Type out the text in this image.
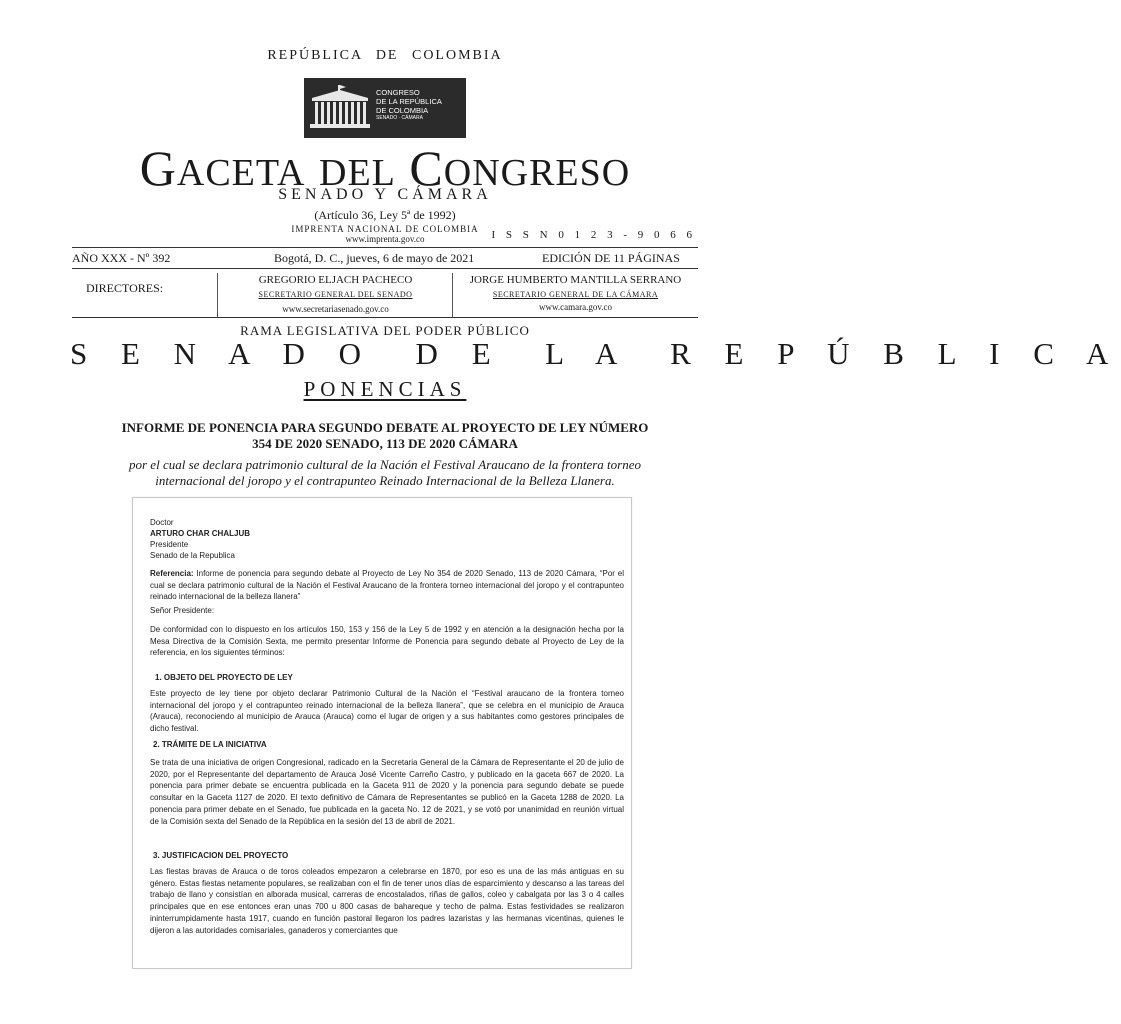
REPÚBLICA DE COLOMBIA
CONGRESO
DE LA REPÚBLICA
DE COLOMBIA
SENADO · CÁMARA
GACETA DEL CONGRESO
SENADO Y CÁMARA
(Artículo 36, Ley 5ª de 1992)
IMPRENTA NACIONAL DE COLOMBIA
www.imprenta.gov.co	I S S N 0 1 2 3 - 9 0 6 6
AÑO XXX - Nº 392	Bogotá, D. C., jueves, 6 de mayo de 2021	EDICIÓN DE 11 PÁGINAS
DIRECTORES:
GREGORIO ELJACH PACHECO
SECRETARIO GENERAL DEL SENADO
www.secretariasenado.gov.co
JORGE HUMBERTO MANTILLA SERRANO
SECRETARIO GENERAL DE LA CÁMARA
www.camara.gov.co
RAMA LEGISLATIVA DEL PODER PÚBLICO
S E N A D O  D E  L A  R E P Ú B L I C A
PONENCIAS
INFORME DE PONENCIA PARA SEGUNDO DEBATE AL PROYECTO DE LEY NÚMERO
354 DE 2020 SENADO, 113 DE 2020 CÁMARA
por el cual se declara patrimonio cultural de la Nación el Festival Araucano de la frontera torneo
internacional del joropo y el contrapunteo Reinado Internacional de la Belleza Llanera.
Doctor
ARTURO CHAR CHALJUB
Presidente
Senado de la Republica
Referencia: Informe de ponencia para segundo debate al Proyecto de Ley No 354 de 2020 Senado, 113 de 2020 Cámara, “Por el cual se declara patrimonio cultural de la Nación el Festival Araucano de la frontera torneo internacional del joropo y el contrapunteo reinado internacional de la belleza llanera”
Señor Presidente:
De conformidad con lo dispuesto en los artículos 150, 153 y 156 de la Ley 5 de 1992 y en atención a la designación hecha por la Mesa Directiva de la Comisión Sexta, me permito presentar Informe de Ponencia para segundo debate al Proyecto de Ley de la referencia, en los siguientes términos:
1. OBJETO DEL PROYECTO DE LEY
Este proyecto de ley tiene por objeto declarar Patrimonio Cultural de la Nación el “Festival araucano de la frontera torneo internacional del joropo y el contrapunteo reinado internacional de la belleza llanera”, que se celebra en el municipio de Arauca (Arauca), reconociendo al municipio de Arauca (Arauca) como el lugar de origen y a sus habitantes como gestores principales de dicho festival.
2. TRÁMITE DE LA INICIATIVA
Se trata de una iniciativa de origen Congresional, radicado en la Secretaria General de la Cámara de Representante el 20 de julio de 2020, por el Representante del departamento de Arauca José Vicente Carreño Castro, y publicado en la gaceta 667 de 2020. La ponencia para primer debate se encuentra publicada en la Gaceta 911 de 2020 y la ponencia para segundo debate se puede consultar en la Gaceta 1127 de 2020. El texto definitivo de Cámara de Representantes se publicó en la Gaceta 1288 de 2020. La ponencia para primer debate en el Senado, fue publicada en la gaceta No. 12 de 2021, y se votó por unanimidad en reunión virtual de la Comisión sexta del Senado de la República en la sesión del 13 de abril de 2021.
3. JUSTIFICACION DEL PROYECTO
Las fiestas bravas de Arauca o de toros coleados empezaron a celebrarse en 1870, por eso es una de las más antiguas en su género. Estas fiestas netamente populares, se realizaban con el fin de tener unos días de esparcimiento y descanso a las tareas del trabajo de llano y consistían en alborada musical, carreras de encostalados, riñas de gallos, coleo y cabalgata por las 3 o 4 calles principales que en ese entonces eran unas 700 u 800 casas de bahareque y techo de palma. Estas festividades se realizaron ininterrumpidamente hasta 1917, cuando en función pastoral llegaron los padres lazaristas y las hermanas vicentinas, quienes le dijeron a las autoridades comisariales, ganaderos y comerciantes que
